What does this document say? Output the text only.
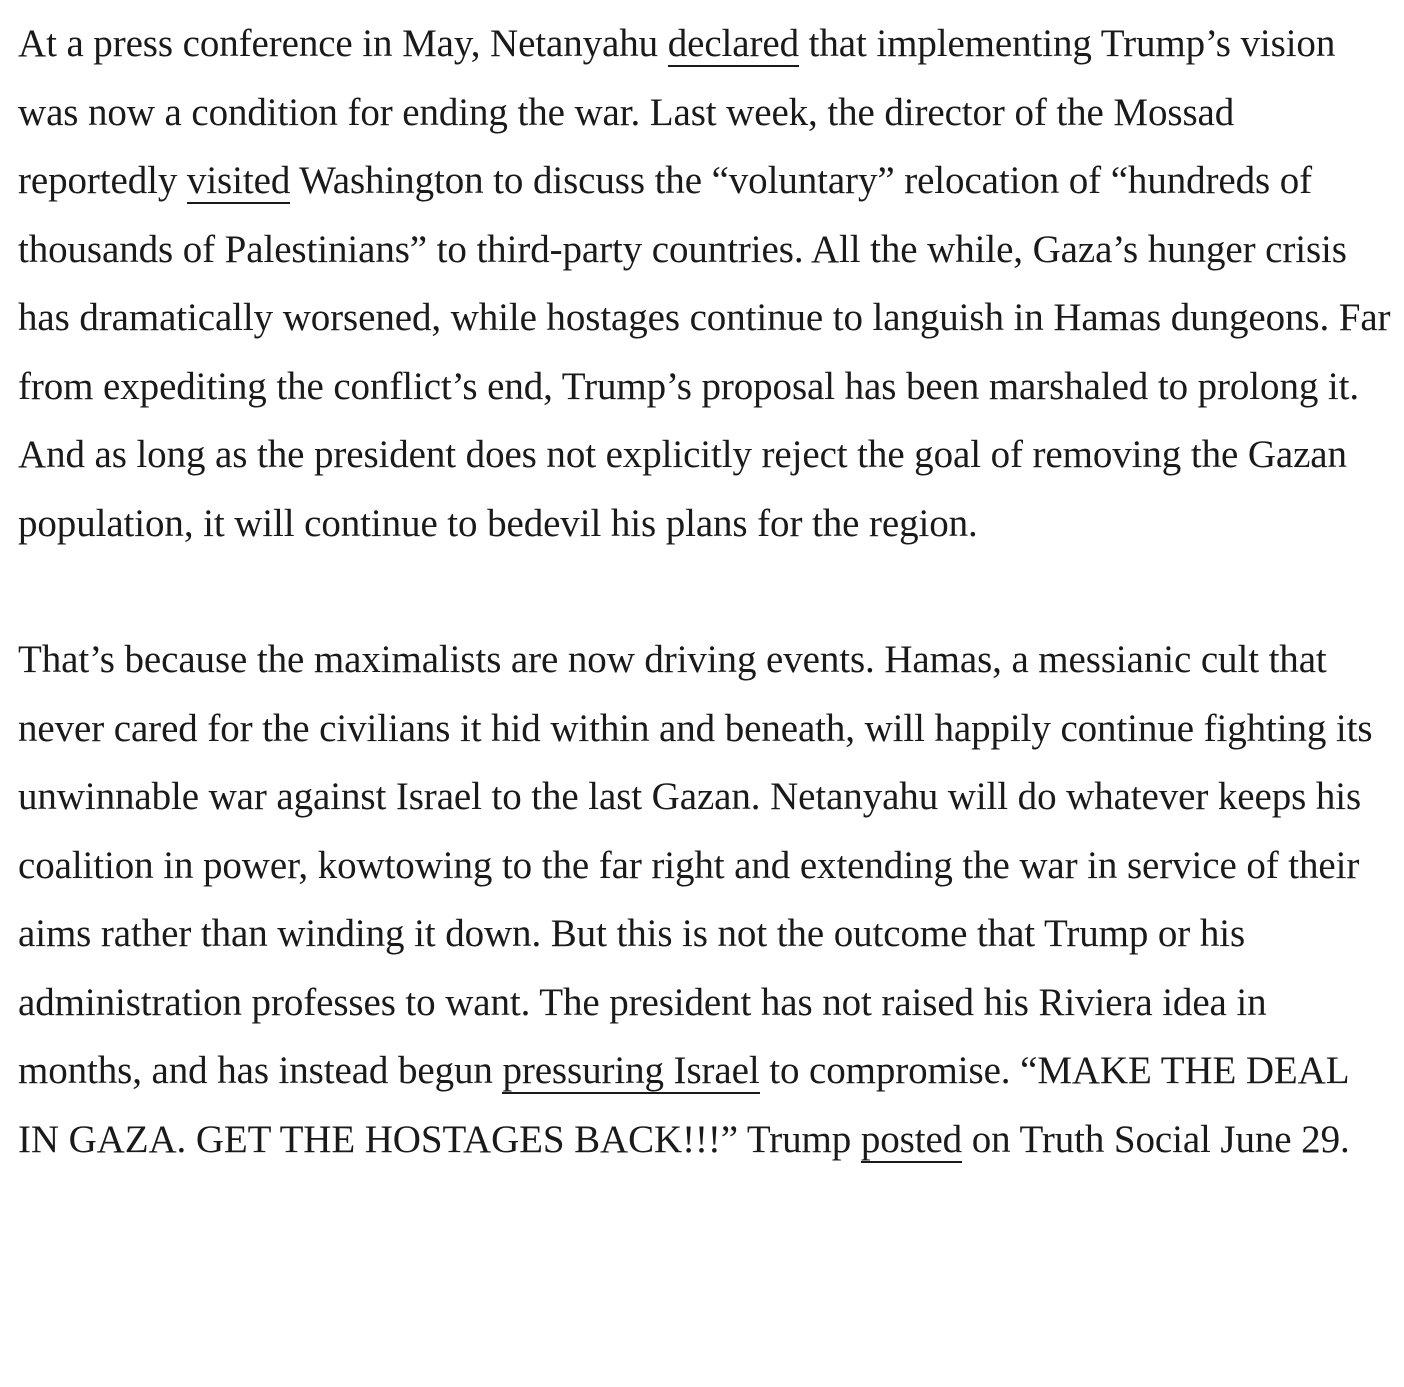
At a press conference in May, Netanyahu declared that implementing Trump’s vision was now a condition for ending the war. Last week, the director of the Mossad reportedly visited Washington to discuss the “voluntary” relocation of “hundreds of thousands of Palestinians” to third-party countries. All the while, Gaza’s hunger crisis has dramatically worsened, while hostages continue to languish in Hamas dungeons. Far from expediting the conflict’s end, Trump’s proposal has been marshaled to prolong it. And as long as the president does not explicitly reject the goal of removing the Gazan population, it will continue to bedevil his plans for the region.

That’s because the maximalists are now driving events. Hamas, a messianic cult that never cared for the civilians it hid within and beneath, will happily continue fighting its unwinnable war against Israel to the last Gazan. Netanyahu will do whatever keeps his coalition in power, kowtowing to the far right and extending the war in service of their aims rather than winding it down. But this is not the outcome that Trump or his administration professes to want. The president has not raised his Riviera idea in months, and has instead begun pressuring Israel to compromise. “MAKE THE DEAL IN GAZA. GET THE HOSTAGES BACK!!!” Trump posted on Truth Social June 29.
